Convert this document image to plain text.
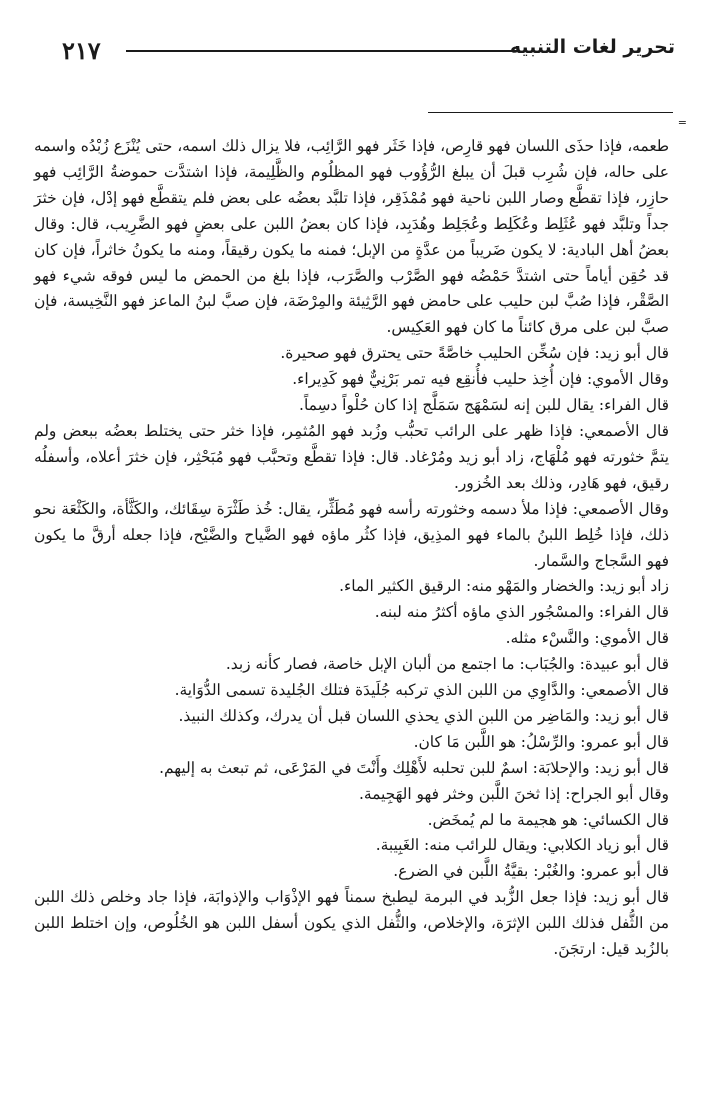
٢١٧	تحرير لغات التنبيه
=

طعمه، فإذا حذَى اللسان فهو قارِص، فإذا خَثَر فهو الرَّائِب، فلا يزال ذلك اسمه، حتى يُنْزَع زُبْدُه واسمه على حاله، فإن شُرِب قبلَ أن يبلغ الرُّؤُوب فهو المظلُوم والظَّلِيمة، فإذا اشتدَّت حموضةُ الرَّائِب فهو حازِر، فإذا تقطَّع وصار اللبن ناحية فهو مُمْذَقِر، فإذا تلبَّد بعضُه على بعض فلم يتقطَّع فهو إدْل، فإن خثرَ جداً وتلبَّد فهو عُثَلِط وعُكَلِط وعُجَلِط وهُدَبِد، فإذا كان بعضُ اللبن على بعضٍ فهو الضَّرِيب، قال: وقال بعضُ أهل البادية: لا يكون ضَريباً من عدَّةٍ من الإبل؛ فمنه ما يكون رقيقاً، ومنه ما يكونُ خاثراً، فإن كان قد حُقِن أياماً حتى اشتدَّ حَمْضُه فهو الصَّرْب والصَّرَب، فإذا بلغ من الحمض ما ليس فوقه شيء فهو الصَّقْر، فإذا صُبَّ لبن حليب على حامض فهو الرَّثِيئة والمِرْضَة، فإن صبَّ لبنُ الماعز فهو النَّخِيسة، فإن صبَّ لبن على مرق كائناً ما كان فهو العَكِيس.

قال أبو زيد: فإن سُخِّن الحليب خاصَّةً حتى يحترق فهو صحيرة.

وقال الأموي: فإن أُخِذ حليب فأُنقِع فيه تمر بَرْنِيٌّ فهو كَدِيراء.

قال الفراء: يقال للبن إنه لسَمْهَج سَمَلَّج إذا كان حُلْواً دسِماً.

قال الأصمعي: فإذا ظهر على الرائب تحبُّب وزُبد فهو المُثمِر، فإذا خثر حتى يختلط بعضُه ببعض ولم يتمَّ خثورته فهو مُلْهَاج، زاد أبو زيد ومُرْغاد. قال: فإذا تقطَّع وتحبَّب فهو مُبَحْثِر، فإن خثرَ أعلاه، وأسفلُه رقيق، فهو هَادِر، وذلك بعد الخُزور.

وقال الأصمعي: فإذا ملأ دسمه وخثورته رأسه فهو مُطَثِّر، يقال: خُذ طَثْرَة سِقَائك، والكَثَّأة، والكَثْعَة نحو ذلك، فإذا خُلِط اللبنُ بالماء فهو المذِيق، فإذا كثُر ماؤه فهو الضَّياح والضَّيْح، فإذا جعله أرقَّ ما يكون فهو السَّجاج والسَّمار.

زاد أبو زيد: والخضار والمَهْو منه: الرقيق الكثير الماء.

قال الفراء: والمسْجُور الذي ماؤه أكثرُ منه لبنه.

قال الأموي: والنَّسْء مثله.

قال أبو عبيدة: والجُبَاب: ما اجتمع من ألبان الإبل خاصة، فصار كأنه زبد.

قال الأصمعي: والدَّاوِي من اللبن الذي تركبه جُلَيدَة فتلك الجُليدة تسمى الدُّوَاية.

قال أبو زيد: والمَاضِر من اللبن الذي يحذي اللسان قبل أن يدرك، وكذلك النبيذ.

قال أبو عمرو: والرِّسْلُ: هو اللَّبن مَا كان.

قال أبو زيد: والإحلابَة: اسمٌ للبن تحلبه لأَهْلِك وأَنْتَ في المَرْعَى، ثم تبعث به إليهم.

وقال أبو الجراح: إذا ثخنَ اللَّبن وخثر فهو الهَجِيمة.

قال الكسائي: هو هجيمة ما لم يُمخَض.

قال أبو زياد الكلابي: ويقال للرائب منه: الغَبِيبة.

قال أبو عمرو: والغُبْر: بقيَّةُ اللَّبن في الضرع.

قال أبو زيد: فإذا جعل الزُّبد في البرمة ليطبخ سمناً فهو الإذْوَاب والإذوابَة، فإذا جاد وخلص ذلك اللبن من الثُّفل فذلك اللبن الإثرَة، والإخلاص، والثُّفل الذي يكون أسفل اللبن هو الخُلُوص، وإن اختلط اللبن بالزُبد قيل: ارتجَنَ.
